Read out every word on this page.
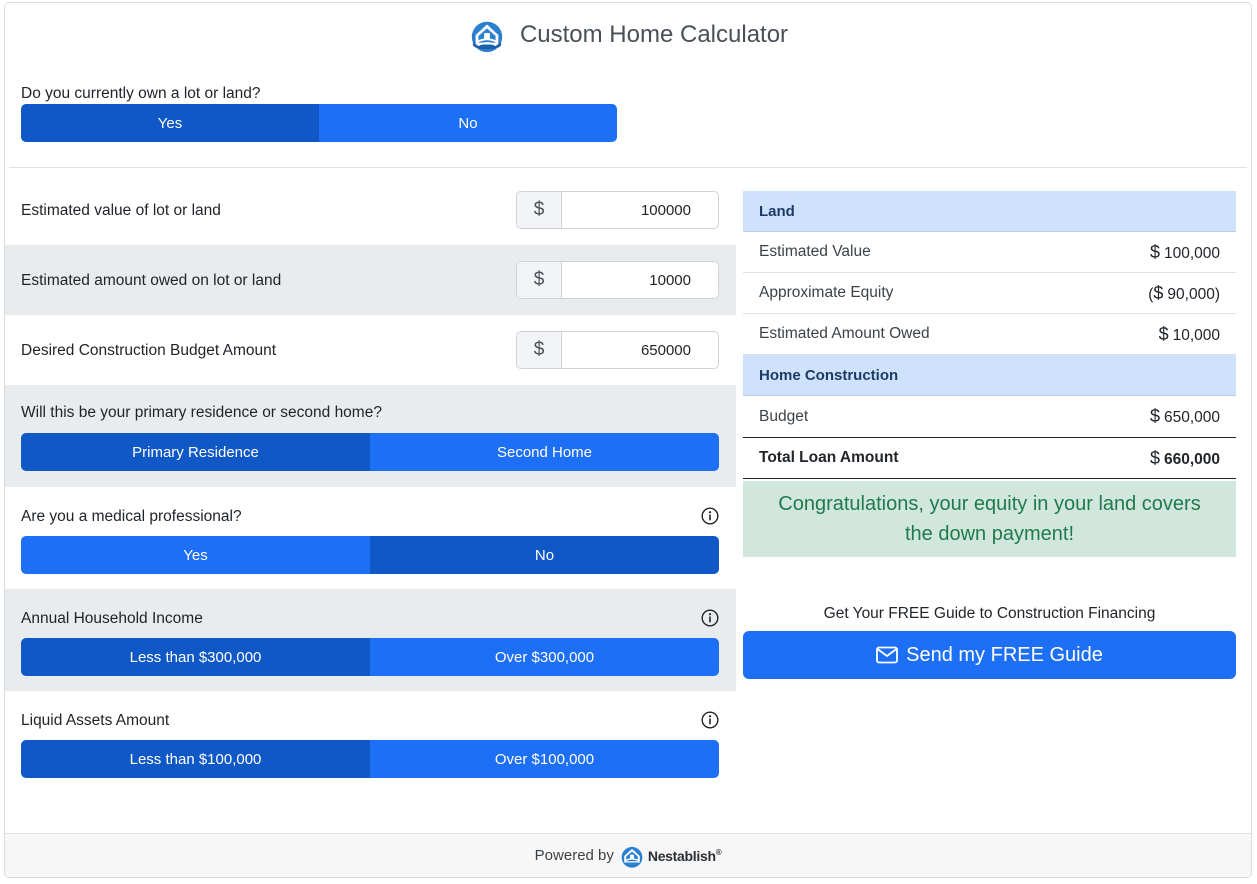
Custom Home Calculator
Do you currently own a lot or land?
Yes	No
Estimated value of lot or land	$	100000
Estimated amount owed on lot or land	$	10000
Desired Construction Budget Amount	$	650000
Will this be your primary residence or second home?
Primary Residence	Second Home
Are you a medical professional?
Yes	No
Annual Household Income
Less than $300,000	Over $300,000
Liquid Assets Amount
Less than $100,000	Over $100,000
Land
Estimated Value	$ 100,000
Approximate Equity	($ 90,000)
Estimated Amount Owed	$ 10,000
Home Construction
Budget	$ 650,000
Total Loan Amount	$ 660,000
Congratulations, your equity in your land covers the down payment!
Get Your FREE Guide to Construction Financing
Send my FREE Guide
Powered by Nestablish®
